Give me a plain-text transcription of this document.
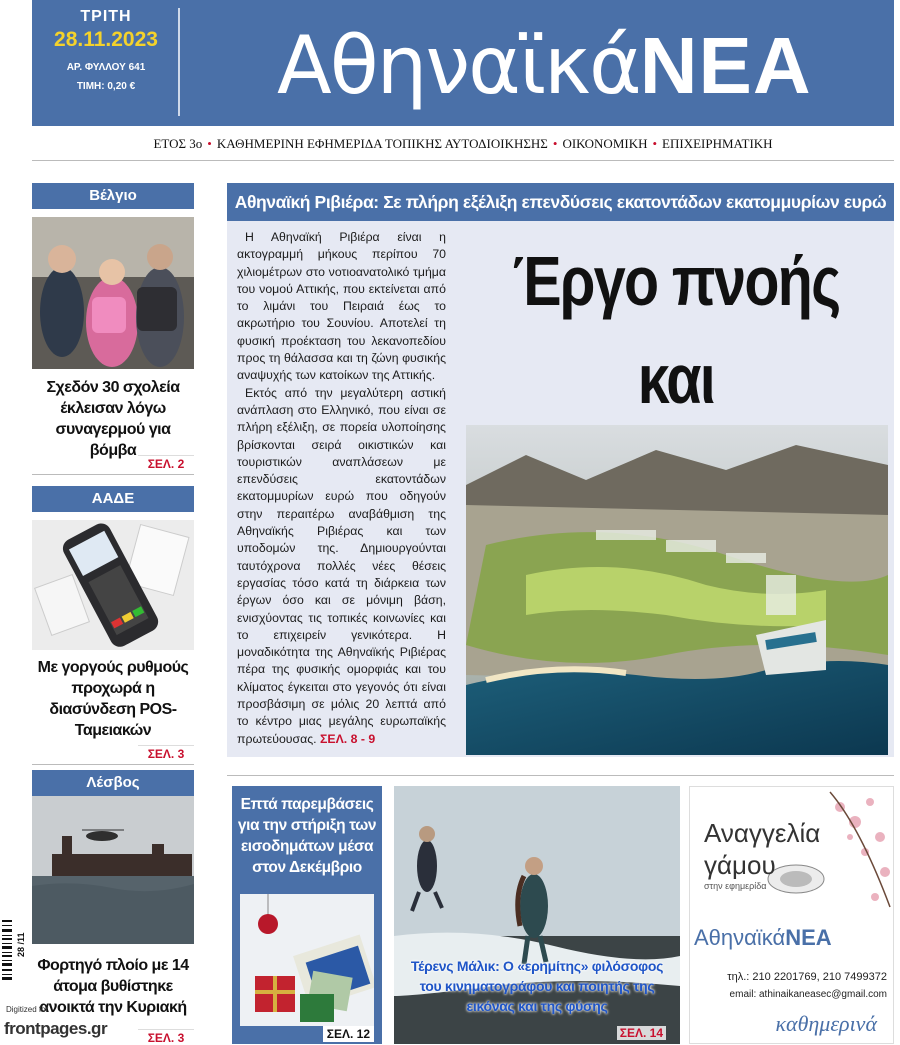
ΤΡΙΤΗ
28.11.2023
ΑΡ. ΦΥΛΛΟΥ 641
ΤΙΜΗ: 0,20 €	ΑθηναϊκάΝΕΑ
ΕΤΟΣ 3ο • ΚΑΘΗΜΕΡΙΝΗ ΕΦΗΜΕΡΙΔΑ ΤΟΠΙΚΗΣ ΑΥΤΟΔΙΟΙΚΗΣΗΣ • ΟΙΚΟΝΟΜΙΚΗ • ΕΠΙΧΕΙΡΗΜΑΤΙΚΗ
Βέλγιο
Σχεδόν 30 σχολεία έκλεισαν λόγω συναγερμού για βόμβα
ΣΕΛ. 2
ΑΑΔΕ
Με γοργούς ρυθμούς προχωρά η διασύνδεση POS-Ταμειακών
ΣΕΛ. 3
Λέσβος
Φορτηγό πλοίο με 14 άτομα βυθίστηκε ανοικτά την Κυριακή
ΣΕΛ. 3
Αθηναϊκή Ριβιέρα: Σε πλήρη εξέλιξη επενδύσεις εκατοντάδων εκατομμυρίων ευρώ

Η Αθηναϊκή Ριβιέρα είναι η ακτογραμμή μήκους περίπου 70 χιλιομέτρων στο νοτιοανατολικό τμήμα του νομού Αττικής, που εκτείνεται από το λιμάνι του Πειραιά έως το ακρωτήριο του Σουνίου. Αποτελεί τη φυσική προέκταση του λεκανοπεδίου προς τη θάλασσα και τη ζώνη φυσικής αναψυχής των κατοίκων της Αττικής.

Εκτός από την μεγαλύτερη αστική ανάπλαση στο Ελληνικό, που είναι σε πλήρη εξέλιξη, σε πορεία υλοποίησης βρίσκονται σειρά οικιστικών και τουριστικών αναπλάσεων με επενδύσεις εκατοντάδων εκατομμυρίων ευρώ που οδηγούν στην περαιτέρω αναβάθμιση της Αθηναϊκής Ριβιέρας και των υποδομών της. Δημιουργούνται ταυτόχρονα πολλές νέες θέσεις εργασίας τόσο κατά τη διάρκεια των έργων όσο και σε μόνιμη βάση, ενισχύοντας τις τοπικές κοινωνίες και το επιχειρείν γενικότερα. Η μοναδικότητα της Αθηναϊκής Ριβιέρας πέρα της φυσικής ομορφιάς και του κλίματος έγκειται στο γεγονός ότι είναι προσβάσιμη σε μόλις 20 λεπτά από το κέντρο μιας μεγάλης ευρωπαϊκής πρωτεύουσας. ΣΕΛ. 8 - 9

Έργο πνοής
και
Επτά παρεμβάσεις για την στήριξη των εισοδημάτων μέσα στον Δεκέμβριο
ΣΕΛ. 12
Τέρενς Μάλικ: Ο «ερημίτης» φιλόσοφος του κινηματογράφου και ποιητής της εικόνας και της φύσης
ΣΕΛ. 14
Αναγγελία
γάμου
στην εφημερίδα
ΑθηναϊκάΝΕΑ
τηλ.: 210 2201769, 210 7499372
email: athinaikaneasec@gmail.com
καθημερινά
28 /11
Digitized for
frontpages.gr
